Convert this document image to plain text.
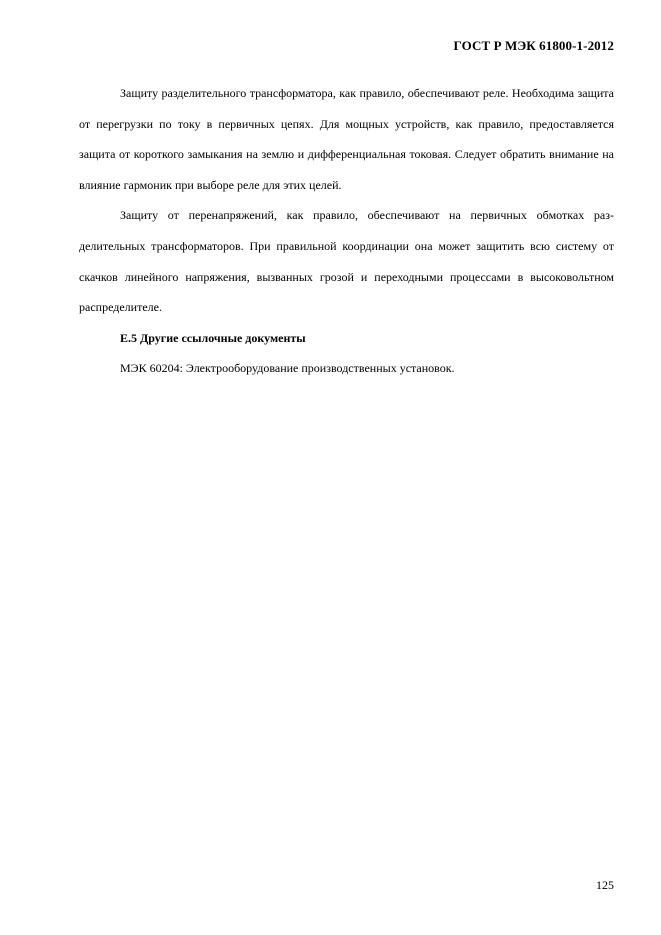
ГОСТ Р МЭК 61800-1-2012

Защиту разделительного трансформатора, как правило, обеспечивают реле. Необходима защита от перегрузки по току в первичных цепях. Для мощных устройств, как правило, предоставляется защита от короткого замыкания на землю и дифференциальная токовая. Следует обратить внимание на влияние гармоник при выборе реле для этих целей.

Защиту от перенапряжений, как правило, обеспечивают на первичных обмотках разделительных трансформаторов. При правильной координации она может защитить всю систему от скачков линейного напряжения, вызванных грозой и переходными процессами в высоковольтном распределителе.

Е.5 Другие ссылочные документы

МЭК 60204: Электрооборудование производственных установок.

125
